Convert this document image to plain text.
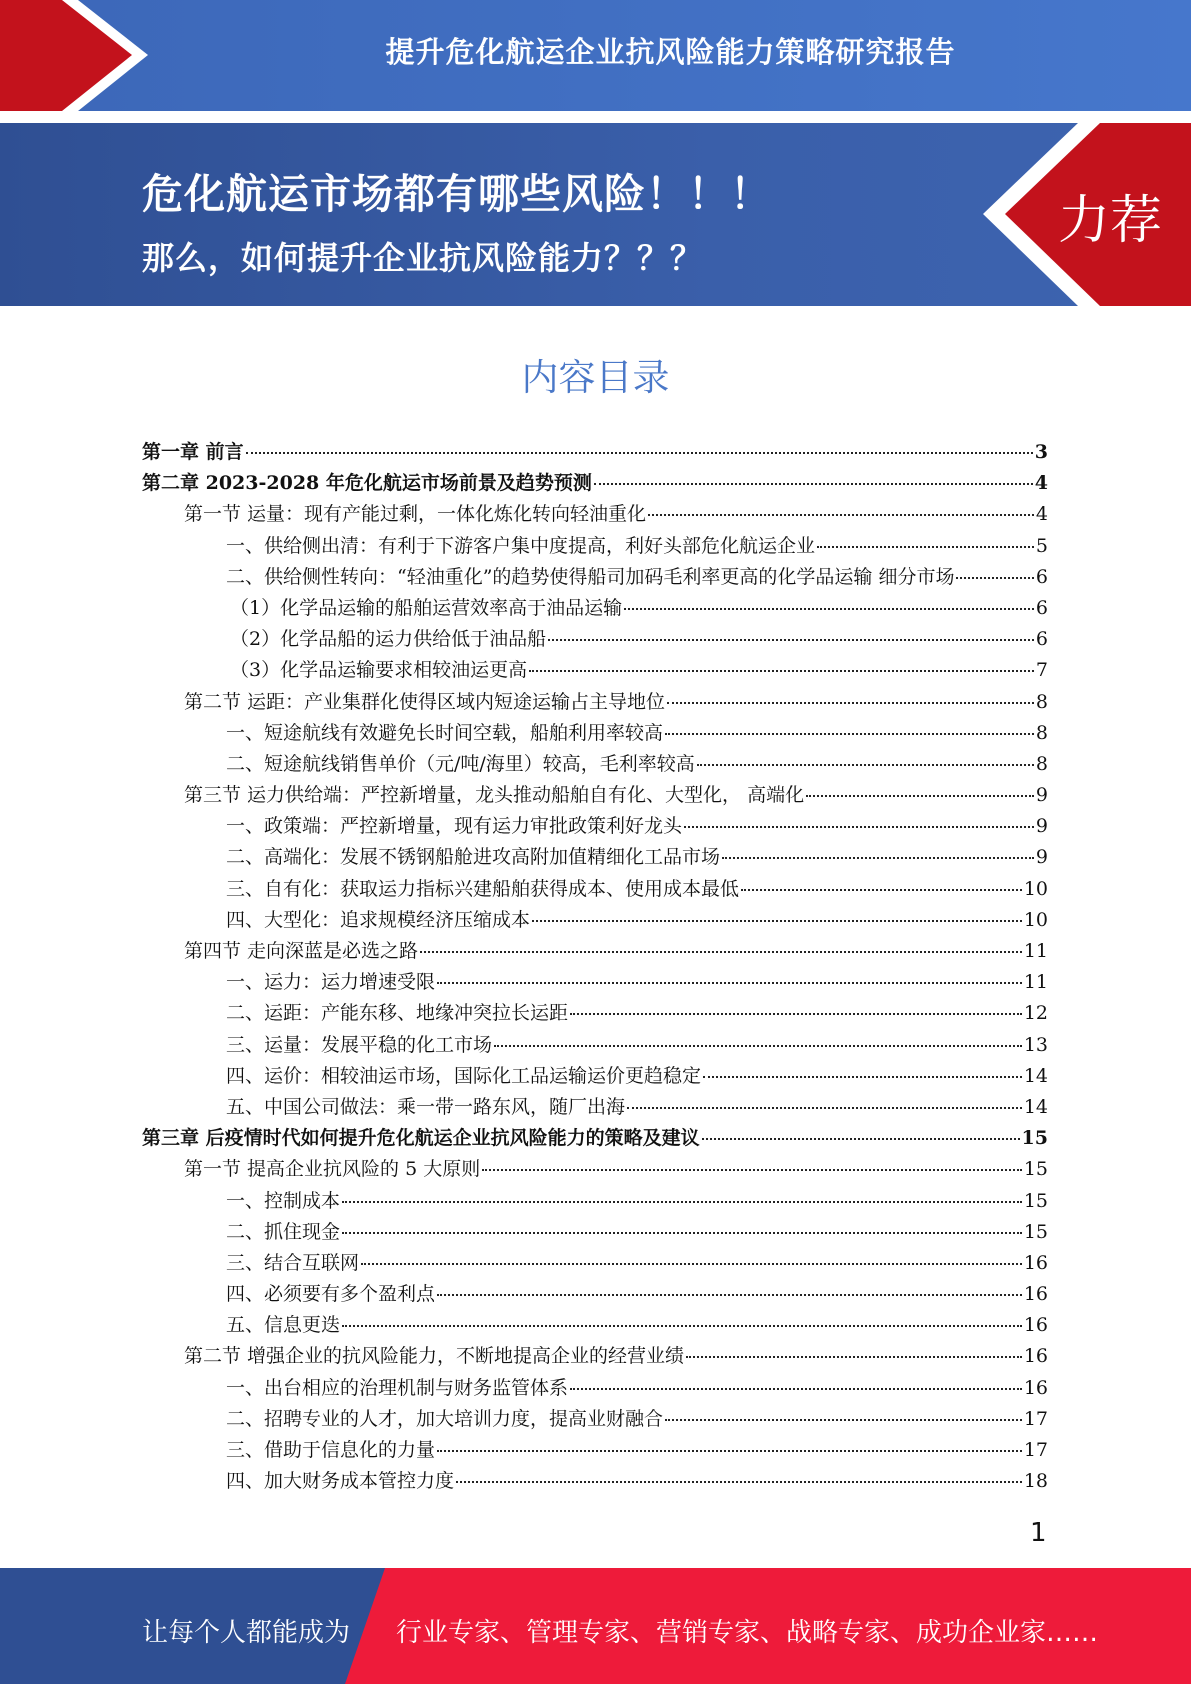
提升危化航运企业抗风险能力策略研究报告
危化航运市场都有哪些风险！！！
那么，如何提升企业抗风险能力？？？
力荐
内容目录
第一章 前言	3
第二章 2023-2028 年危化航运市场前景及趋势预测	4
第一节 运量：现有产能过剩，一体化炼化转向轻油重化	4
一、供给侧出清：有利于下游客户集中度提高，利好头部危化航运企业	5
二、供给侧性转向：“轻油重化”的趋势使得船司加码毛利率更高的化学品运输 细分市场	6
（1）化学品运输的船舶运营效率高于油品运输	6
（2）化学品船的运力供给低于油品船	6
（3）化学品运输要求相较油运更高	7
第二节 运距：产业集群化使得区域内短途运输占主导地位	8
一、短途航线有效避免长时间空载，船舶利用率较高	8
二、短途航线销售单价（元/吨/海里）较高，毛利率较高	8
第三节 运力供给端：严控新增量，龙头推动船舶自有化、大型化， 高端化	9
一、政策端：严控新增量，现有运力审批政策利好龙头	9
二、高端化：发展不锈钢船舱进攻高附加值精细化工品市场	9
三、自有化：获取运力指标兴建船舶获得成本、使用成本最低	10
四、大型化：追求规模经济压缩成本	10
第四节 走向深蓝是必选之路	11
一、运力：运力增速受限	11
二、运距：产能东移、地缘冲突拉长运距	12
三、运量：发展平稳的化工市场	13
四、运价：相较油运市场，国际化工品运输运价更趋稳定	14
五、中国公司做法：乘一带一路东风，随厂出海	14
第三章 后疫情时代如何提升危化航运企业抗风险能力的策略及建议	15
第一节 提高企业抗风险的 5 大原则	15
一、控制成本	15
二、抓住现金	15
三、结合互联网	16
四、必须要有多个盈利点	16
五、信息更迭	16
第二节 增强企业的抗风险能力，不断地提高企业的经营业绩	16
一、出台相应的治理机制与财务监管体系	16
二、招聘专业的人才，加大培训力度，提高业财融合	17
三、借助于信息化的力量	17
四、加大财务成本管控力度	18
1
让每个人都能成为 行业专家、管理专家、营销专家、战略专家、成功企业家……
